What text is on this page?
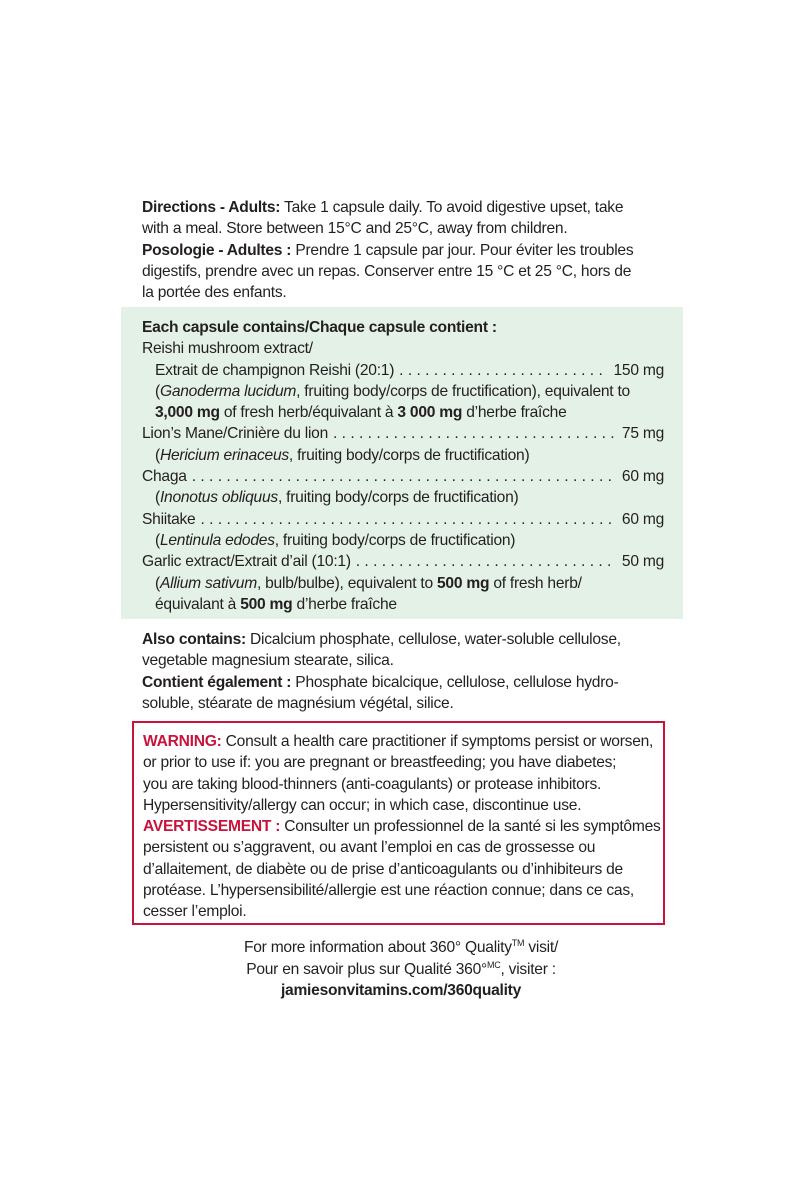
Directions - Adults: Take 1 capsule daily. To avoid digestive upset, take
with a meal. Store between 15°C and 25°C, away from children.
Posologie - Adultes : Prendre 1 capsule par jour. Pour éviter les troubles
digestifs, prendre avec un repas. Conserver entre 15 °C et 25 °C, hors de
la portée des enfants.
Each capsule contains/Chaque capsule contient :
Reishi mushroom extract/
Extrait de champignon Reishi (20:1) . . .	150 mg
(Ganoderma lucidum, fruiting body/corps de fructification), equivalent to
3,000 mg of fresh herb/équivalant à 3 000 mg d’herbe fraîche
Lion’s Mane/Crinière du lion . . .	75 mg
(Hericium erinaceus, fruiting body/corps de fructification)
Chaga . . .	60 mg
(Inonotus obliquus, fruiting body/corps de fructification)
Shiitake . . .	60 mg
(Lentinula edodes, fruiting body/corps de fructification)
Garlic extract/Extrait d’ail (10:1) . . .	50 mg
(Allium sativum, bulb/bulbe), equivalent to 500 mg of fresh herb/
équivalant à 500 mg d’herbe fraîche
Also contains: Dicalcium phosphate, cellulose, water-soluble cellulose,
vegetable magnesium stearate, silica.
Contient également : Phosphate bicalcique, cellulose, cellulose hydro-
soluble, stéarate de magnésium végétal, silice.
WARNING: Consult a health care practitioner if symptoms persist or worsen,
or prior to use if: you are pregnant or breastfeeding; you have diabetes;
you are taking blood-thinners (anti-coagulants) or protease inhibitors.
Hypersensitivity/allergy can occur; in which case, discontinue use.
AVERTISSEMENT : Consulter un professionnel de la santé si les symptômes
persistent ou s’aggravent, ou avant l’emploi en cas de grossesse ou
d’allaitement, de diabète ou de prise d’anticoagulants ou d’inhibiteurs de
protéase. L’hypersensibilité/allergie est une réaction connue; dans ce cas,
cesser l’emploi.
For more information about 360° Quality™ visit/
Pour en savoir plus sur Qualité 360°$^{MC}$, visiter :
jamiesonvitamins.com/360quality
